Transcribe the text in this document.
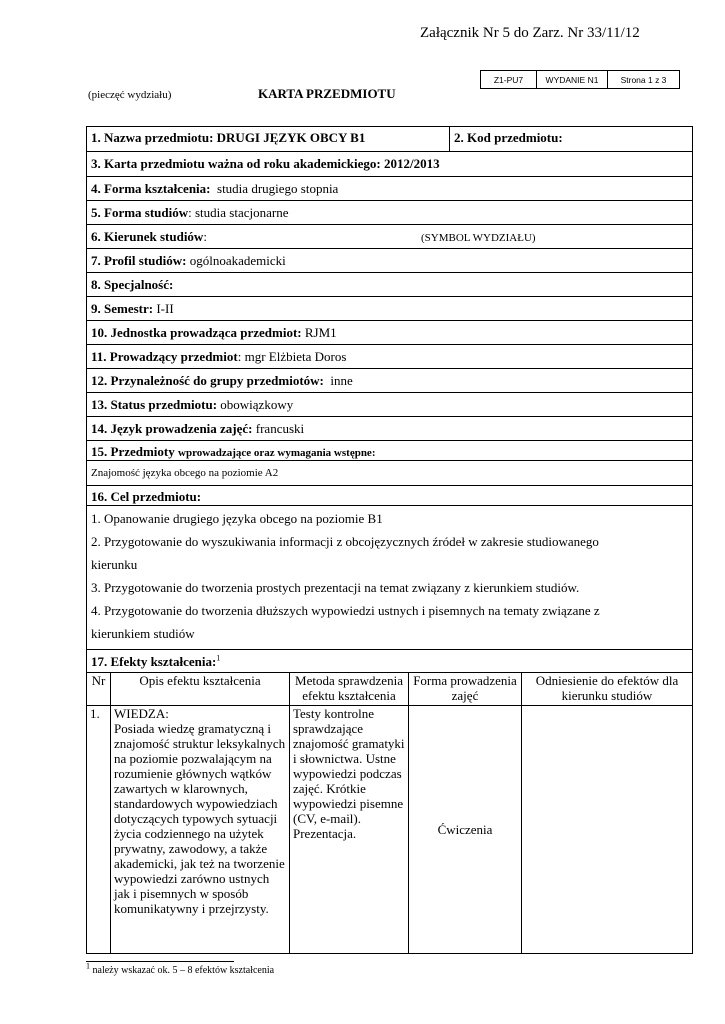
Załącznik Nr 5 do Zarz. Nr 33/11/12
Z1-PU7	WYDANIE N1	Strona 1 z 3
(pieczęć wydziału)	KARTA PRZEDMIOTU
1. Nazwa przedmiotu: DRUGI JĘZYK OBCY B1	2. Kod przedmiotu:
3. Karta przedmiotu ważna od roku akademickiego: 2012/2013
4. Forma kształcenia: studia drugiego stopnia
5. Forma studiów: studia stacjonarne
6. Kierunek studiów:	(SYMBOL WYDZIAŁU)
7. Profil studiów: ogólnoakademicki
8. Specjalność:
9. Semestr: I-II
10. Jednostka prowadząca przedmiot: RJM1
11. Prowadzący przedmiot: mgr Elżbieta Doros
12. Przynależność do grupy przedmiotów: inne
13. Status przedmiotu: obowiązkowy
14. Język prowadzenia zajęć: francuski
15. Przedmioty wprowadzające oraz wymagania wstępne:
Znajomość języka obcego na poziomie A2
16. Cel przedmiotu:
1. Opanowanie drugiego języka obcego na poziomie B1
2. Przygotowanie do wyszukiwania informacji z obcojęzycznych źródeł w zakresie studiowanego
kierunku
3. Przygotowanie do tworzenia prostych prezentacji na temat związany z kierunkiem studiów.
4. Przygotowanie do tworzenia dłuższych wypowiedzi ustnych i pisemnych na tematy związane z
kierunkiem studiów
17. Efekty kształcenia:$^1$
Nr	Opis efektu kształcenia	Metoda sprawdzenia efektu kształcenia	Forma prowadzenia zajęć	Odniesienie do efektów dla kierunku studiów
1.	WIEDZA:
Posiada wiedzę gramatyczną i znajomość struktur leksykalnych na poziomie pozwalającym na rozumienie głównych wątków zawartych w klarownych, standardowych wypowiedziach dotyczących typowych sytuacji życia codziennego na użytek prywatny, zawodowy, a także akademicki, jak też na tworzenie wypowiedzi zarówno ustnych jak i pisemnych w sposób komunikatywny i przejrzysty.	Testy kontrolne sprawdzające znajomość gramatyki i słownictwa. Ustne wypowiedzi podczas zajęć. Krótkie wypowiedzi pisemne (CV, e-mail). Prezentacja.	Ćwiczenia	
$^1$ należy wskazać ok. 5 – 8 efektów kształcenia
